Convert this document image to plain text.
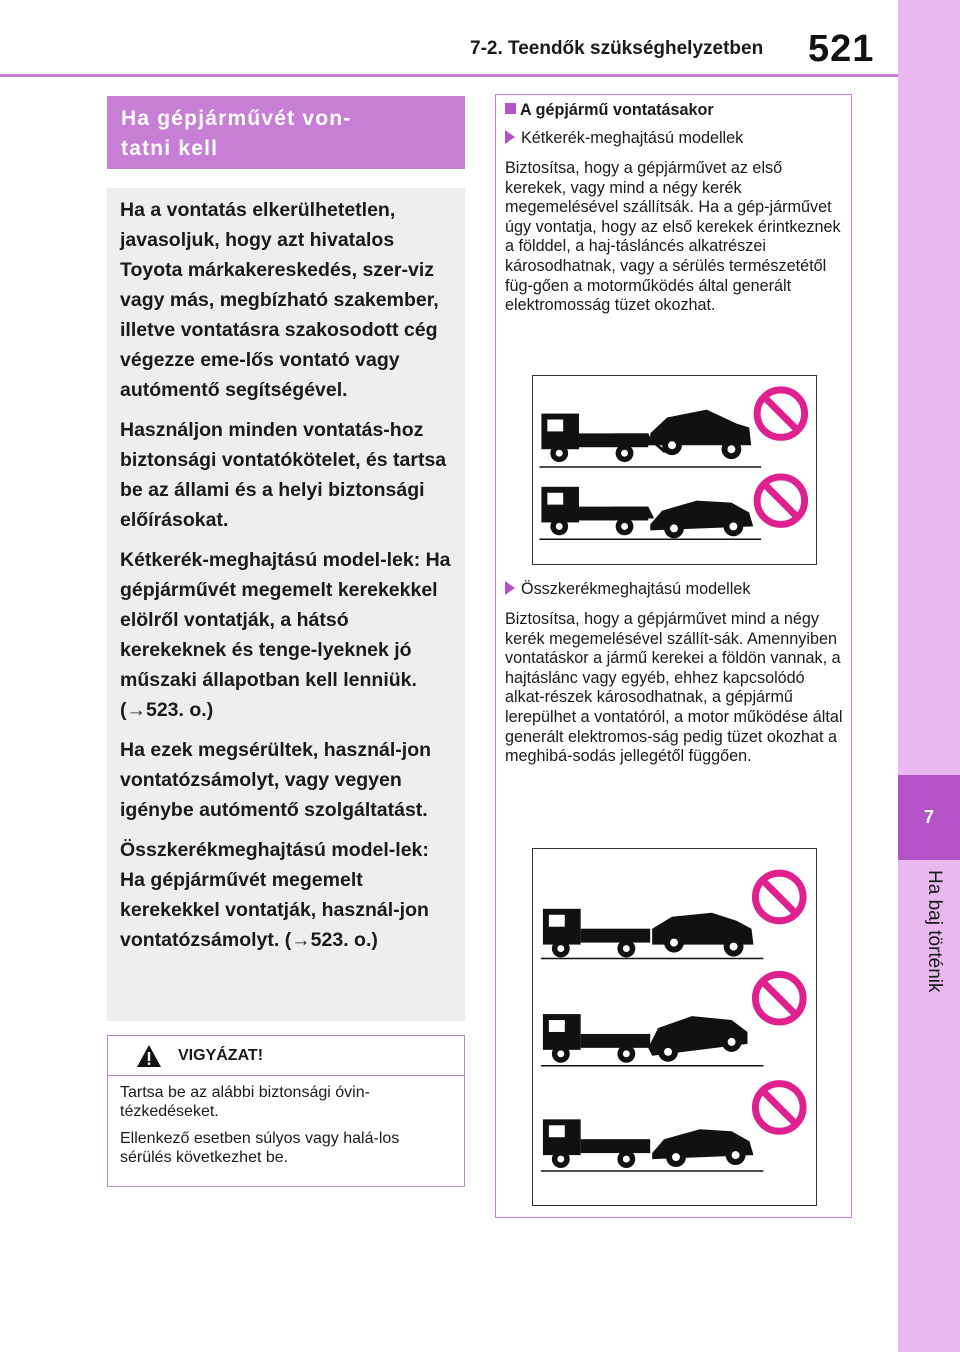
7-2. Teendők szükséghelyzetben 521
7
Ha baj történik
Ha gépjárművét von-
tatni kell

Ha a vontatás elkerülhetetlen, javasoljuk, hogy azt hivatalos Toyota márkakereskedés, szer-viz vagy más, megbízható szakember, illetve vontatásra szakosodott cég végezze eme-lős vontató vagy autómentő segítségével.

Használjon minden vontatás-hoz biztonsági vontatókötelet, és tartsa be az állami és a helyi biztonsági előírásokat.

Kétkerék-meghajtású model-lek: Ha gépjárművét megemelt kerekekkel elölről vontatják, a hátsó kerekeknek és tenge-lyeknek jó műszaki állapotban kell lenniük. (→523. o.)

Ha ezek megsérültek, használ-jon vontatózsámolyt, vagy vegyen igénybe autómentő szolgáltatást.

Összkerékmeghajtású model-lek: Ha gépjárművét megemelt kerekekkel vontatják, használ-jon vontatózsámolyt. (→523. o.)

VIGYÁZAT!

Tartsa be az alábbi biztonsági óvin-tézkedéseket.

Ellenkező esetben súlyos vagy halá-los sérülés következhet be.

A gépjármű vontatásakor
Kétkerék-meghajtású modellek
Biztosítsa, hogy a gépjárművet az első kerekek, vagy mind a négy kerék megemelésével szállítsák. Ha a gép-járművet úgy vontatja, hogy az első kerekek érintkeznek a földdel, a haj-tásláncés alkatrészei károsodhatnak, vagy a sérülés természetétől füg-gően a motorműködés által generált elektromosság tüzet okozhat.
Összkerékmeghajtású modellek
Biztosítsa, hogy a gépjárművet mind a négy kerék megemelésével szállít-sák. Amennyiben vontatáskor a jármű kerekei a földön vannak, a hajtáslánc vagy egyéb, ehhez kapcsolódó alkat-részek károsodhatnak, a gépjármű lerepülhet a vontatóról, a motor működése által generált elektromos-ság pedig tüzet okozhat a meghibá-sodás jellegétől függően.
